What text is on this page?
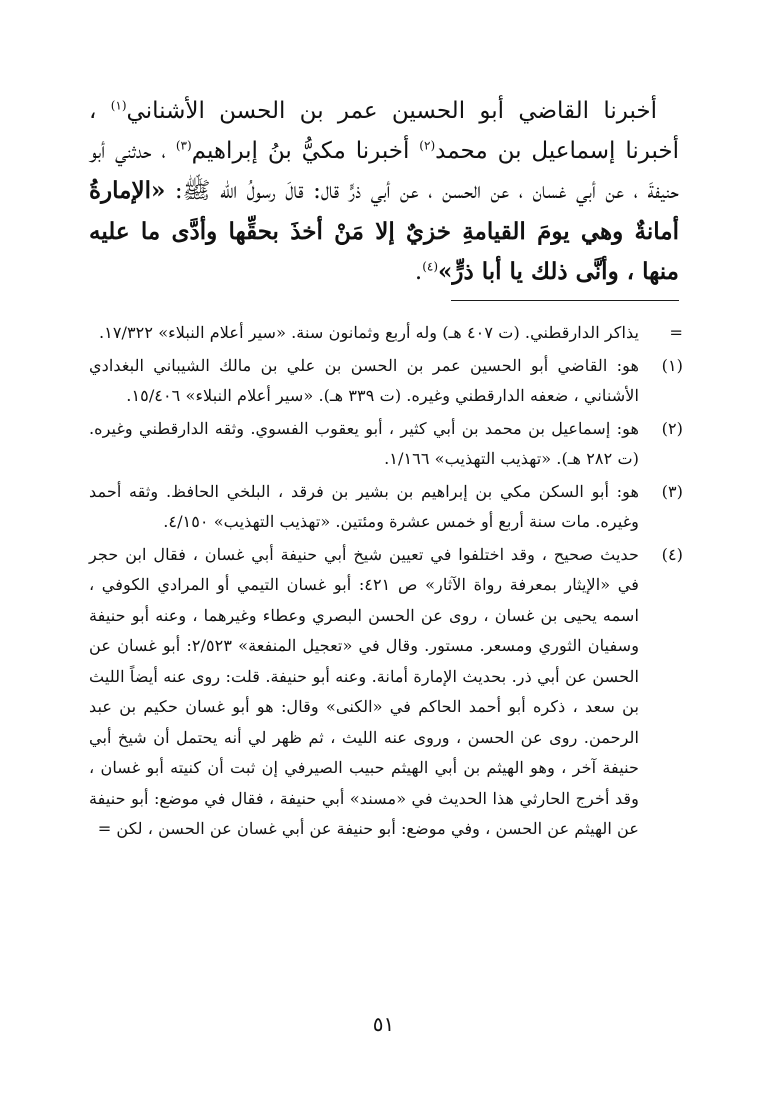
أخبرنا القاضي أبو الحسين عمر بن الحسن الأشناني$^{(١)}$ ، أخبرنا إسماعيل بن محمد$^{(٢)}$ أخبرنا مكيُّ بنُ إبراهيم$^{(٣)}$ ، حدثني أبو حنيفةَ ، عن أبي غسان ، عن الحسن ، عن أبي ذرٍّ قال: قالَ رسولُ الله ﷺ: «الإمارةُ أمانةٌ وهي يومَ القيامةِ خزيٌ إلا مَنْ أخذَ بحقِّها وأدَّى ما عليه منها ، وأنَّى ذلك يا أبا ذرٍّ»$^{(٤)}$.

=
يذاكر الدارقطني. (ت ٤٠٧ هـ) وله أربع وثمانون سنة. «سير أعلام النبلاء» ١٧/٣٢٢.
(١)
هو: القاضي أبو الحسين عمر بن الحسن بن علي بن مالك الشيباني البغدادي الأشناني ، ضعفه الدارقطني وغيره. (ت ٣٣٩ هـ). «سير أعلام النبلاء» ١٥/٤٠٦.
(٢)
هو: إسماعيل بن محمد بن أبي كثير ، أبو يعقوب الفسوي. وثقه الدارقطني وغيره. (ت ٢٨٢ هـ). «تهذيب التهذيب» ١/١٦٦.
(٣)
هو: أبو السكن مكي بن إبراهيم بن بشير بن فرقد ، البلخي الحافظ. وثقه أحمد وغيره. مات سنة أربع أو خمس عشرة ومئتين. «تهذيب التهذيب» ٤/١٥٠.
(٤)
حديث صحيح ، وقد اختلفوا في تعيين شيخ أبي حنيفة أبي غسان ، فقال ابن حجر في «الإيثار بمعرفة رواة الآثار» ص ٤٢١: أبو غسان التيمي أو المرادي الكوفي ، اسمه يحيى بن غسان ، روى عن الحسن البصري وعطاء وغيرهما ، وعنه أبو حنيفة وسفيان الثوري ومسعر. مستور. وقال في «تعجيل المنفعة» ٢/٥٢٣: أبو غسان عن الحسن عن أبي ذر. بحديث الإمارة أمانة. وعنه أبو حنيفة. قلت: روى عنه أيضاً الليث بن سعد ، ذكره أبو أحمد الحاكم في «الكنى» وقال: هو أبو غسان حكيم بن عبد الرحمن. روى عن الحسن ، وروى عنه الليث ، ثم ظهر لي أنه يحتمل أن شيخ أبي حنيفة آخر ، وهو الهيثم بن أبي الهيثم حبيب الصيرفي إن ثبت أن كنيته أبو غسان ، وقد أخرج الحارثي هذا الحديث في «مسند» أبي حنيفة ، فقال في موضع: أبو حنيفة عن الهيثم عن الحسن ، وفي موضع: أبو حنيفة عن أبي غسان عن الحسن ، لكن =
٥١
